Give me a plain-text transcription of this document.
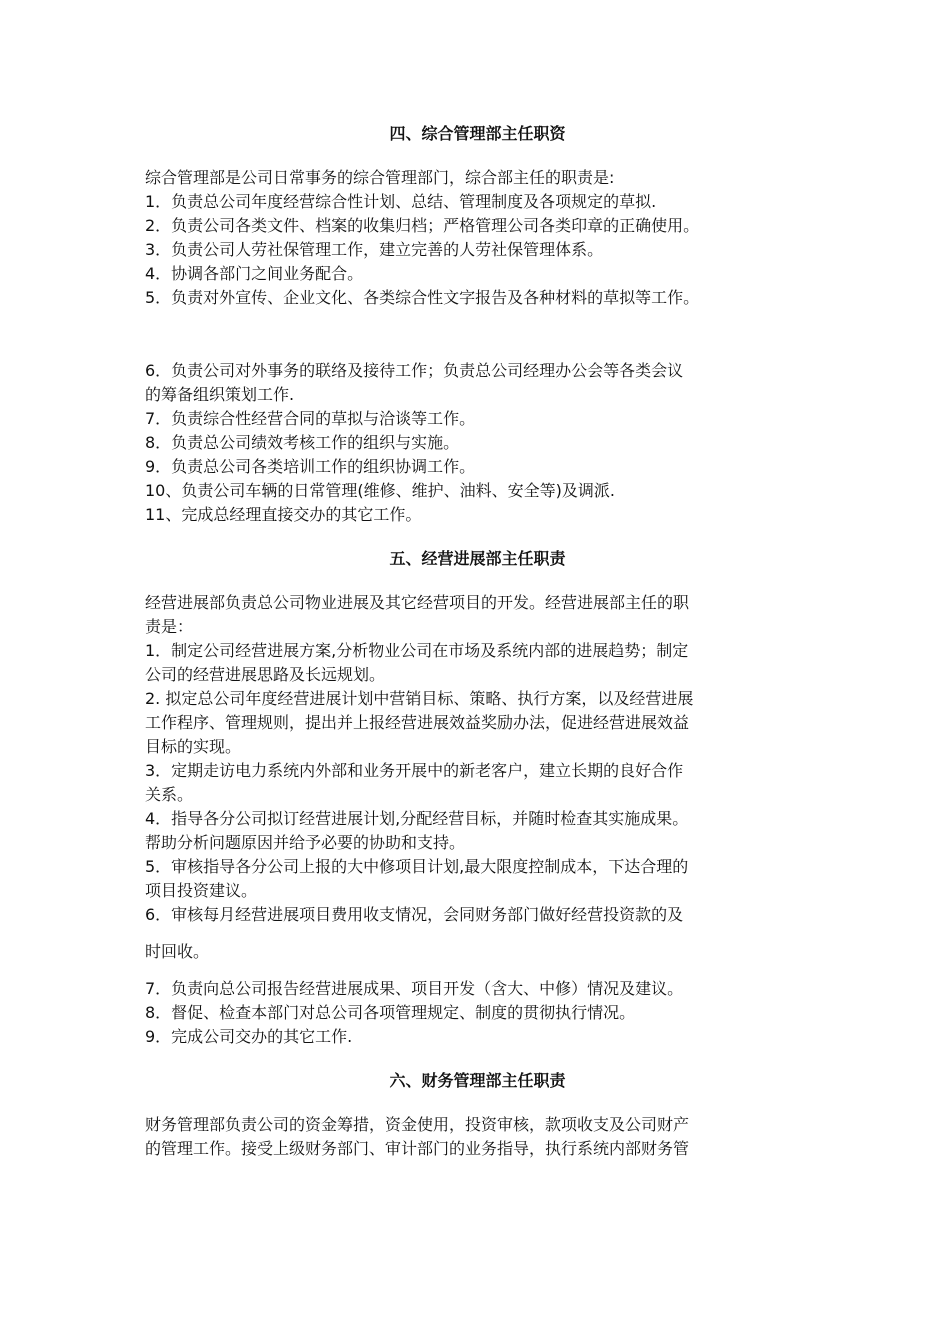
四、综合管理部主任职资
综合管理部是公司日常事务的综合管理部门，综合部主任的职责是:
1．负责总公司年度经营综合性计划、总结、管理制度及各项规定的草拟.
2．负责公司各类文件、档案的收集归档；严格管理公司各类印章的正确使用。
3．负责公司人劳社保管理工作，建立完善的人劳社保管理体系。
4．协调各部门之间业务配合。
5．负责对外宣传、企业文化、各类综合性文字报告及各种材料的草拟等工作。
6．负责公司对外事务的联络及接待工作；负责总公司经理办公会等各类会议
的筹备组织策划工作.
7．负责综合性经营合同的草拟与洽谈等工作。
8．负责总公司绩效考核工作的组织与实施。
9．负责总公司各类培训工作的组织协调工作。
10、负责公司车辆的日常管理(维修、维护、油料、安全等)及调派.
11、完成总经理直接交办的其它工作。
五、经营进展部主任职责
经营进展部负责总公司物业进展及其它经营项目的开发。经营进展部主任的职
责是：
1．制定公司经营进展方案,分析物业公司在市场及系统内部的进展趋势；制定
公司的经营进展思路及长远规划。
2. 拟定总公司年度经营进展计划中营销目标、策略、执行方案，以及经营进展
工作程序、管理规则，提出并上报经营进展效益奖励办法，促进经营进展效益
目标的实现。
3．定期走访电力系统内外部和业务开展中的新老客户，建立长期的良好合作
关系。
4．指导各分公司拟订经营进展计划,分配经营目标，并随时检查其实施成果。
帮助分析问题原因并给予必要的协助和支持。
5．审核指导各分公司上报的大中修项目计划,最大限度控制成本，下达合理的
项目投资建议。
6．审核每月经营进展项目费用收支情况，会同财务部门做好经营投资款的及
时回收。
7．负责向总公司报告经营进展成果、项目开发（含大、中修）情况及建议。
8．督促、检查本部门对总公司各项管理规定、制度的贯彻执行情况。
9．完成公司交办的其它工作.
六、财务管理部主任职责
财务管理部负责公司的资金筹措，资金使用，投资审核，款项收支及公司财产
的管理工作。接受上级财务部门、审计部门的业务指导，执行系统内部财务管
